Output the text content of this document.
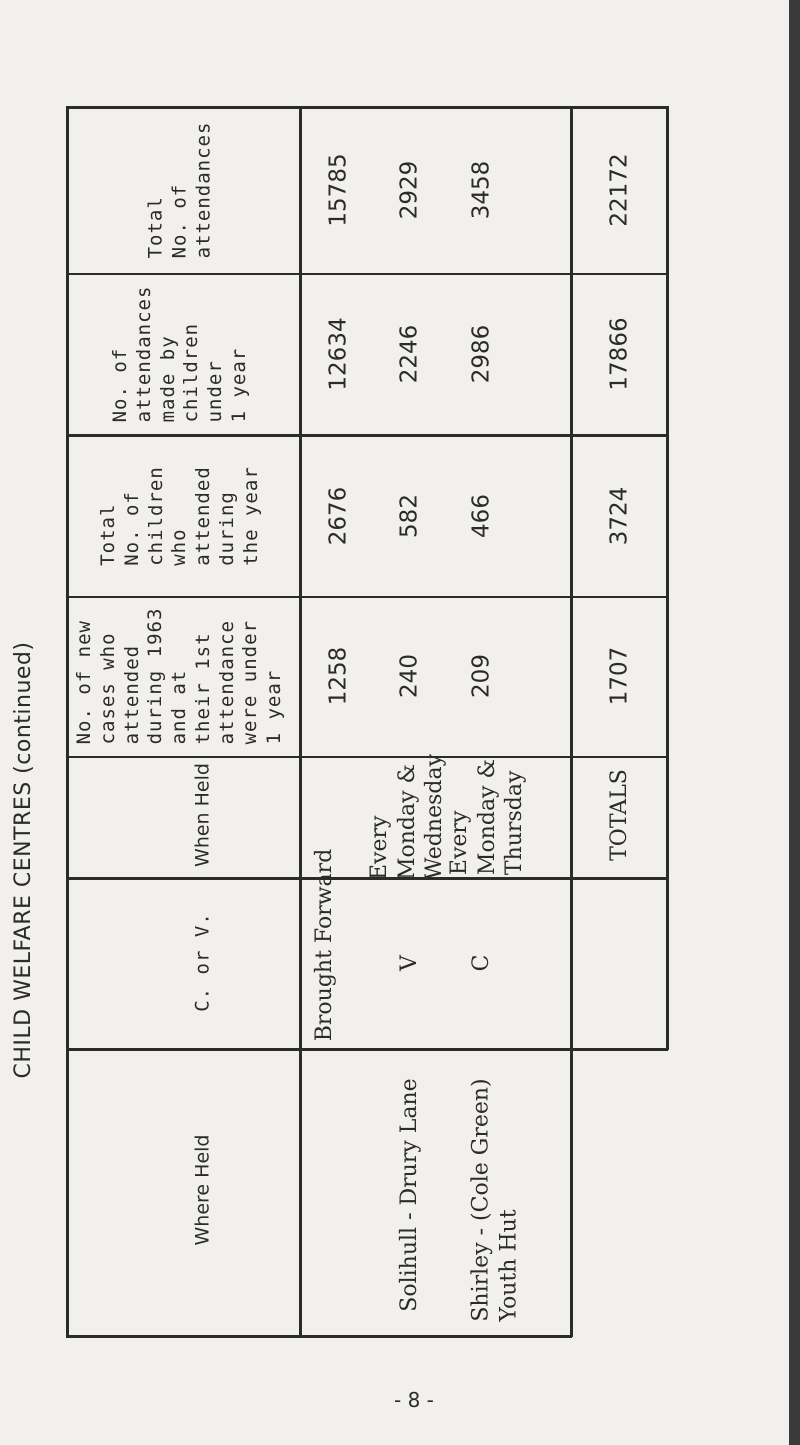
CHILD WELFARE CENTRES (continued)
Where Held
C. or V.
When Held
No. of new cases who attended during 1963 and at their 1st attendance were under 1 year
Total No. of children who attended during the year
No. of attendances made by children under 1 year
Total No. of attendances
Brought Forward
1258
2676
12634
15785
Solihull - Drury Lane
V
Every Monday & Wednesday
240
582
2246
2929
Shirley - (Cole Green) Youth Hut
C
Every Monday & Thursday
209
466
2986
3458
TOTALS
1707
3724
17866
22172
- 8 -
